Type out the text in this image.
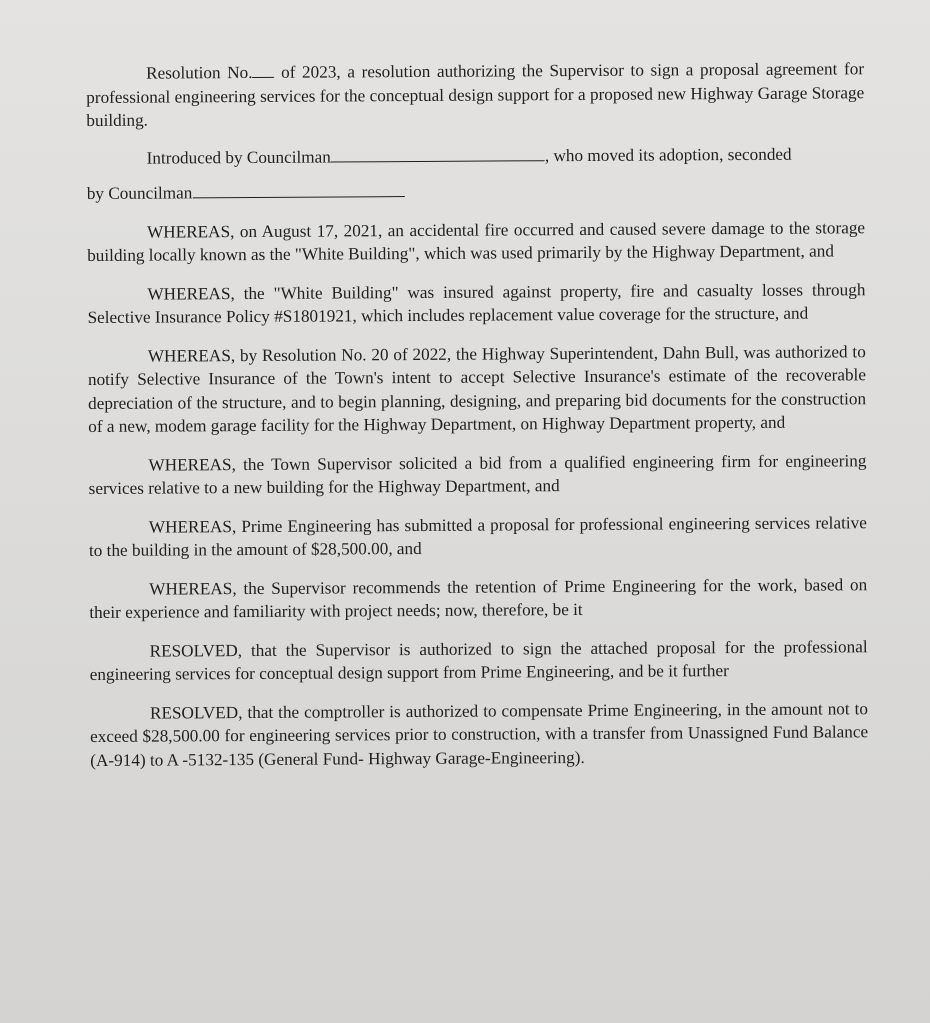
Resolution No. of 2023, a resolution authorizing the Supervisor to sign a proposal agreement for professional engineering services for the conceptual design support for a proposed new Highway Garage Storage building.

Introduced by Councilman	, who moved its adoption, seconded

by Councilman

WHEREAS, on August 17, 2021, an accidental fire occurred and caused severe damage to the storage building locally known as the "White Building", which was used primarily by the Highway Department, and

WHEREAS, the "White Building" was insured against property, fire and casualty losses through Selective Insurance Policy #S1801921, which includes replacement value coverage for the structure, and

WHEREAS, by Resolution No. 20 of 2022, the Highway Superintendent, Dahn Bull, was authorized to notify Selective Insurance of the Town's intent to accept Selective Insurance's estimate of the recoverable depreciation of the structure, and to begin planning, designing, and preparing bid documents for the construction of a new, modem garage facility for the Highway Department, on Highway Department property, and

WHEREAS, the Town Supervisor solicited a bid from a qualified engineering firm for engineering services relative to a new building for the Highway Department, and

WHEREAS, Prime Engineering has submitted a proposal for professional engineering services relative to the building in the amount of $28,500.00, and

WHEREAS, the Supervisor recommends the retention of Prime Engineering for the work, based on their experience and familiarity with project needs; now, therefore, be it

RESOLVED, that the Supervisor is authorized to sign the attached proposal for the professional engineering services for conceptual design support from Prime Engineering, and be it further

RESOLVED, that the comptroller is authorized to compensate Prime Engineering, in the amount not to exceed $28,500.00 for engineering services prior to construction, with a transfer from Unassigned Fund Balance (A-914) to A -5132-135 (General Fund- Highway Garage-Engineering).
